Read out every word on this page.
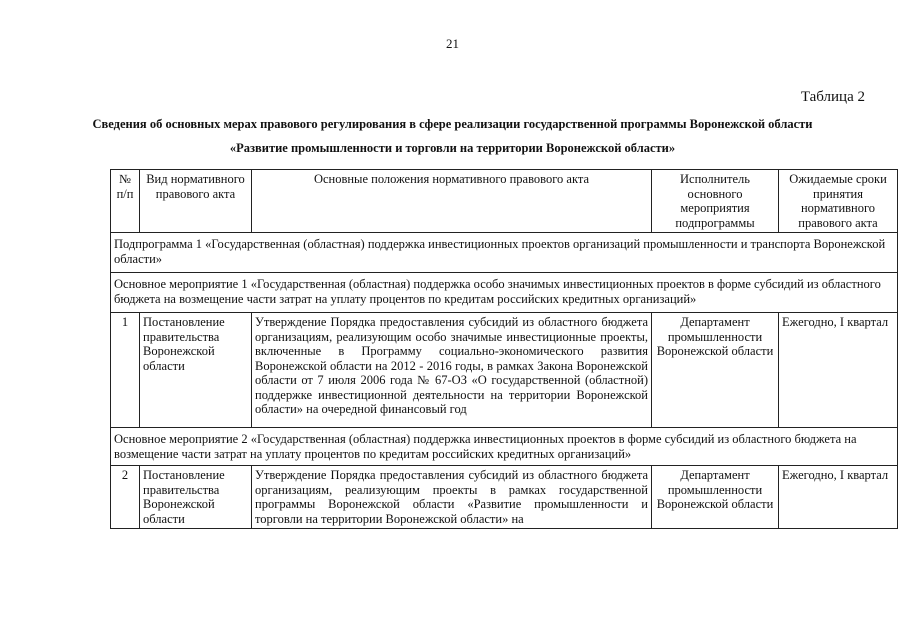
21
Таблица 2
Сведения об основных мерах правового регулирования в сфере реализации государственной программы Воронежской области
«Развитие промышленности и торговли на территории Воронежской области»
№ п/п	Вид нормативного правового акта	Основные положения нормативного правового акта	Исполнитель основного мероприятия подпрограммы	Ожидаемые сроки принятия нормативного правового акта
Подпрограмма 1 «Государственная (областная) поддержка инвестиционных проектов организаций промышленности и транспорта Воронежской области»				
Основное мероприятие 1 «Государственная (областная) поддержка особо значимых инвестиционных проектов в форме субсидий из областного бюджета на возмещение части затрат на уплату процентов по кредитам российских кредитных организаций»				
1	Постановление правительства Воронежской области	Утверждение Порядка предоставления субсидий из областного бюджета организациям, реализующим особо значимые инвестиционные проекты, включенные в Программу социально-экономического развития Воронежской области на 2012 - 2016 годы, в рамках Закона Воронежской области от 7 июля 2006 года № 67-ОЗ «О государственной (областной) поддержке инвестиционной деятельности на территории Воронежской области» на очередной финансовый год	Департамент промышленности Воронежской области	Ежегодно, I квартал
Основное мероприятие 2 «Государственная (областная) поддержка инвестиционных проектов в форме субсидий из областного бюджета на возмещение части затрат на уплату процентов по кредитам российских кредитных организаций»				
2	Постановление правительства Воронежской области	Утверждение Порядка предоставления субсидий из областного бюджета организациям, реализующим проекты в рамках государственной программы Воронежской области «Развитие промышленности и торговли на территории Воронежской области» на	Департамент промышленности Воронежской области	Ежегодно, I квартал
